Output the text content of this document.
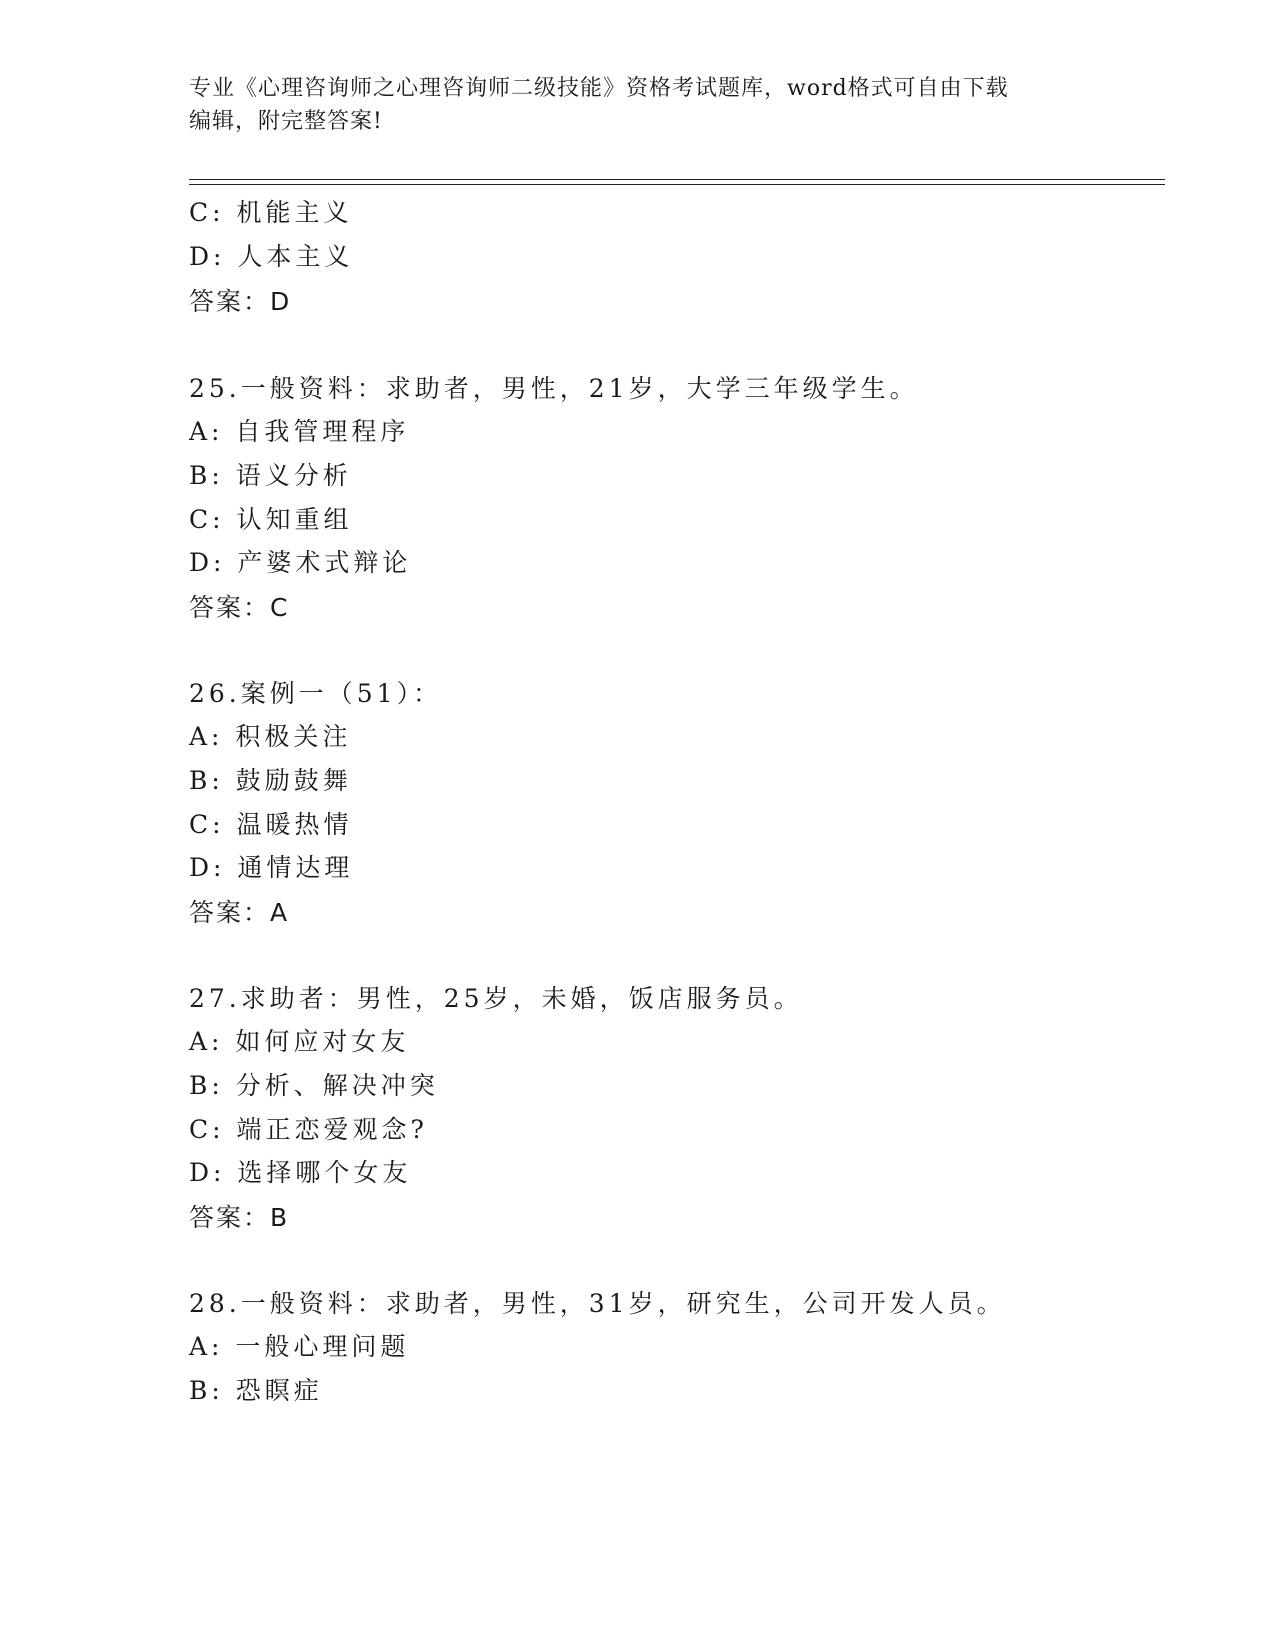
专业《心理咨询师之心理咨询师二级技能》资格考试题库，word格式可自由下载
编辑，附完整答案!
C: 机能主义
D: 人本主义
答案：D
25.一般资料：求助者，男性，21岁，大学三年级学生。
A: 自我管理程序
B: 语义分析
C: 认知重组
D: 产婆术式辩论
答案：C
26.案例一（51）：
A: 积极关注
B: 鼓励鼓舞
C: 温暖热情
D: 通情达理
答案：A
27.求助者：男性，25岁，未婚，饭店服务员。
A: 如何应对女友
B: 分析、解决冲突
C: 端正恋爱观念?
D: 选择哪个女友
答案：B
28.一般资料：求助者，男性，31岁，研究生，公司开发人员。
A: 一般心理问题
B: 恐瞑症
